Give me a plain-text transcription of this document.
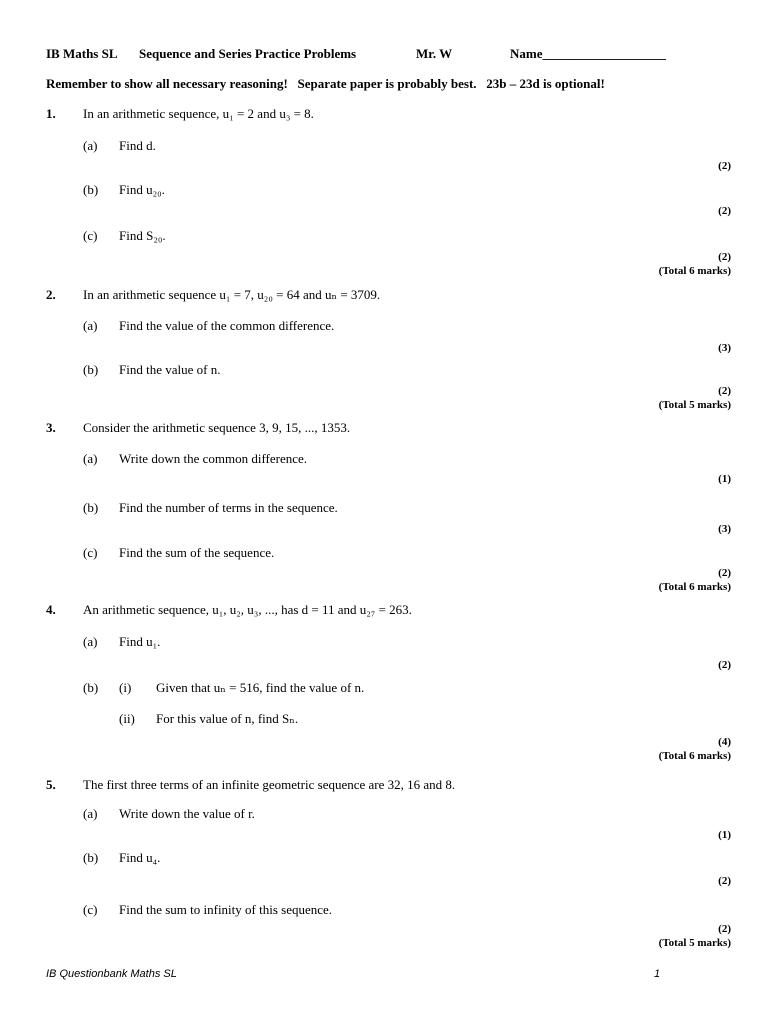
IB Maths SL Sequence and Series Practice Problems	Mr. W	Name___________________
Remember to show all necessary reasoning!   Separate paper is probably best.   23b – 23d is optional!
1. In an arithmetic sequence, u₁ = 2 and u₃ = 8.
(a) Find d.
(2)
(b) Find u₂₀.
(2)
(c) Find S₂₀.
(2)
(Total 6 marks)
2. In an arithmetic sequence u₁ = 7, u₂₀ = 64 and uₙ = 3709.
(a) Find the value of the common difference.
(3)
(b) Find the value of n.
(2)
(Total 5 marks)
3. Consider the arithmetic sequence 3, 9, 15, ..., 1353.
(a) Write down the common difference.
(1)
(b) Find the number of terms in the sequence.
(3)
(c) Find the sum of the sequence.
(2)
(Total 6 marks)
4. An arithmetic sequence, u₁, u₂, u₃, ..., has d = 11 and u₂₇ = 263.
(a) Find u₁.
(2)
(b) (i) Given that uₙ = 516, find the value of n.
(ii) For this value of n, find Sₙ.
(4)
(Total 6 marks)
5. The first three terms of an infinite geometric sequence are 32, 16 and 8.
(a) Write down the value of r.
(1)
(b) Find u₄.
(2)
(c) Find the sum to infinity of this sequence.
(2)
(Total 5 marks)
IB Questionbank Maths SL	1
